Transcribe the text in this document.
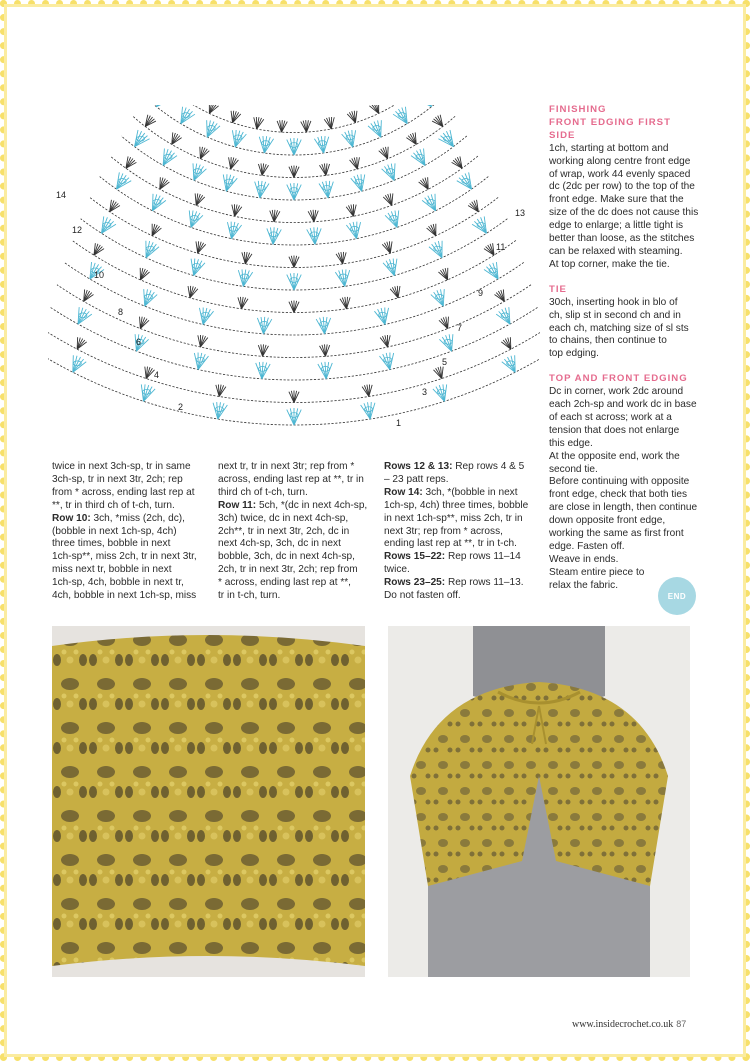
14
12
10
8
6
4
2
13
11
9
7
5
3
1

FINISHING

FRONT EDGING FIRST SIDE

1ch, starting at bottom and

working along centre front edge

of wrap, work 44 evenly spaced

dc (2dc per row) to the top of the

front edge. Make sure that the

size of the dc does not cause this

edge to enlarge; a little tight is

better than loose, as the stitches

can be relaxed with steaming.

At top corner, make the tie.

TIE

30ch, inserting hook in blo of

ch, slip st in second ch and in

each ch, matching size of sl sts

to chains, then continue to

top edging.

TOP AND FRONT EDGING

Dc in corner, work 2dc around

each 2ch-sp and work dc in base

of each st across; work at a

tension that does not enlarge

this edge.

At the opposite end, work the

second tie.

Before continuing with opposite

front edge, check that both ties

are close in length, then continue

down opposite front edge,

working the same as first front

edge. Fasten off.

Weave in ends.

Steam entire piece to

relax the fabric.

END

twice in next 3ch-sp, tr in same

3ch-sp, tr in next 3tr, 2ch; rep

from * across, ending last rep at

**, tr in third ch of t-ch, turn.

Row 10: 3ch, *miss (2ch, dc),

(bobble in next 1ch-sp, 4ch)

three times, bobble in next

1ch-sp**, miss 2ch, tr in next 3tr,

miss next tr, bobble in next

1ch-sp, 4ch, bobble in next tr,

4ch, bobble in next 1ch-sp, miss

next tr, tr in next 3tr; rep from *

across, ending last rep at **, tr in

third ch of t-ch, turn.

Row 11: 5ch, *(dc in next 4ch-sp,

3ch) twice, dc in next 4ch-sp,

2ch**, tr in next 3tr, 2ch, dc in

next 4ch-sp, 3ch, dc in next

bobble, 3ch, dc in next 4ch-sp,

2ch, tr in next 3tr, 2ch; rep from

* across, ending last rep at **,

tr in t-ch, turn.

Rows 12 & 13: Rep rows 4 & 5

– 23 patt reps.

Row 14: 3ch, *(bobble in next

1ch-sp, 4ch) three times, bobble

in next 1ch-sp**, miss 2ch, tr in

next 3tr; rep from * across,

ending last rep at **, tr in t-ch.

Rows 15–22: Rep rows 11–14

twice.

Rows 23–25: Rep rows 11–13.

Do not fasten off.

www.insidecrochet.co.uk 87
